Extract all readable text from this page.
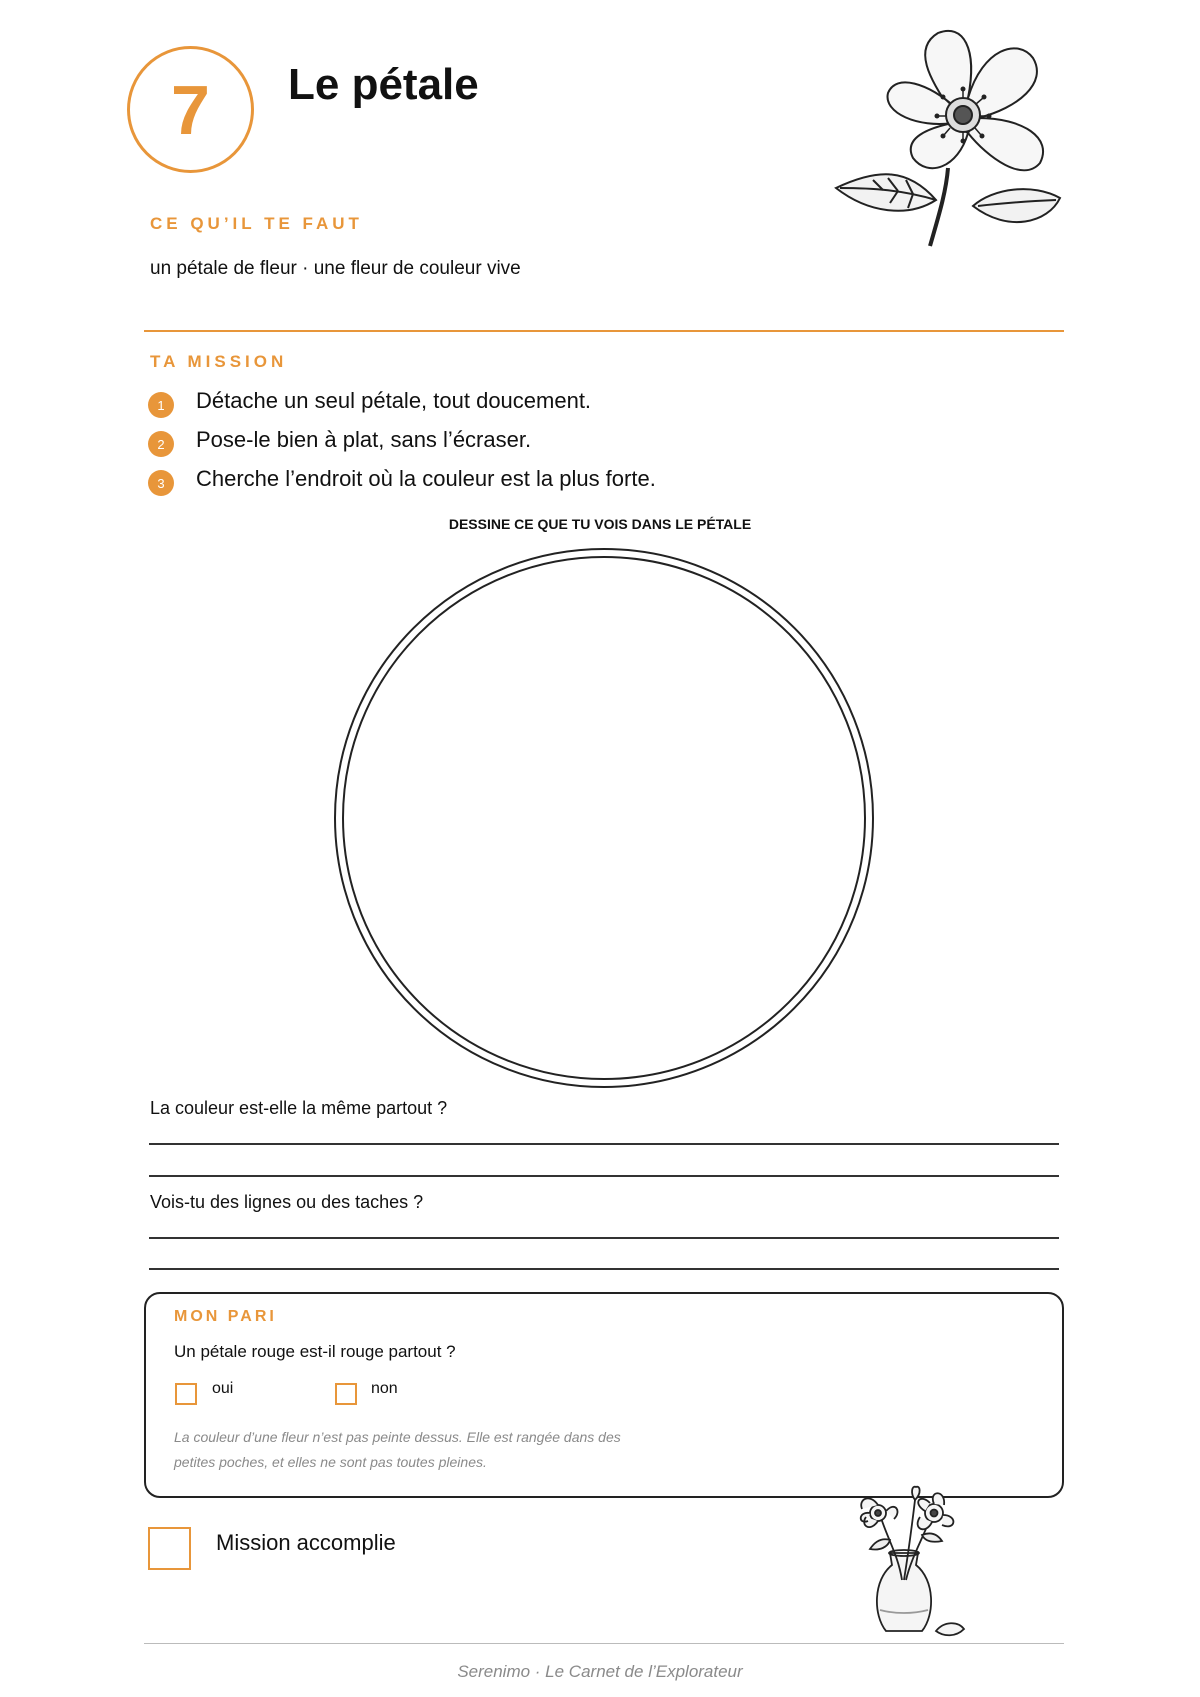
7 Le pétale
CE QU’IL TE FAUT
un pétale de fleur · une fleur de couleur vive
TA MISSION
1	Détache un seul pétale, tout doucement.
2	Pose-le bien à plat, sans l’écraser.
3	Cherche l’endroit où la couleur est la plus forte.
DESSINE CE QUE TU VOIS DANS LE PÉTALE
La couleur est-elle la même partout ?
Vois-tu des lignes ou des taches ?
MON PARI
Un pétale rouge est-il rouge partout ?
oui	non
La couleur d’une fleur n’est pas peinte dessus. Elle est rangée dans des
petites poches, et elles ne sont pas toutes pleines.
Mission accomplie
Serenimo · Le Carnet de l’Explorateur
